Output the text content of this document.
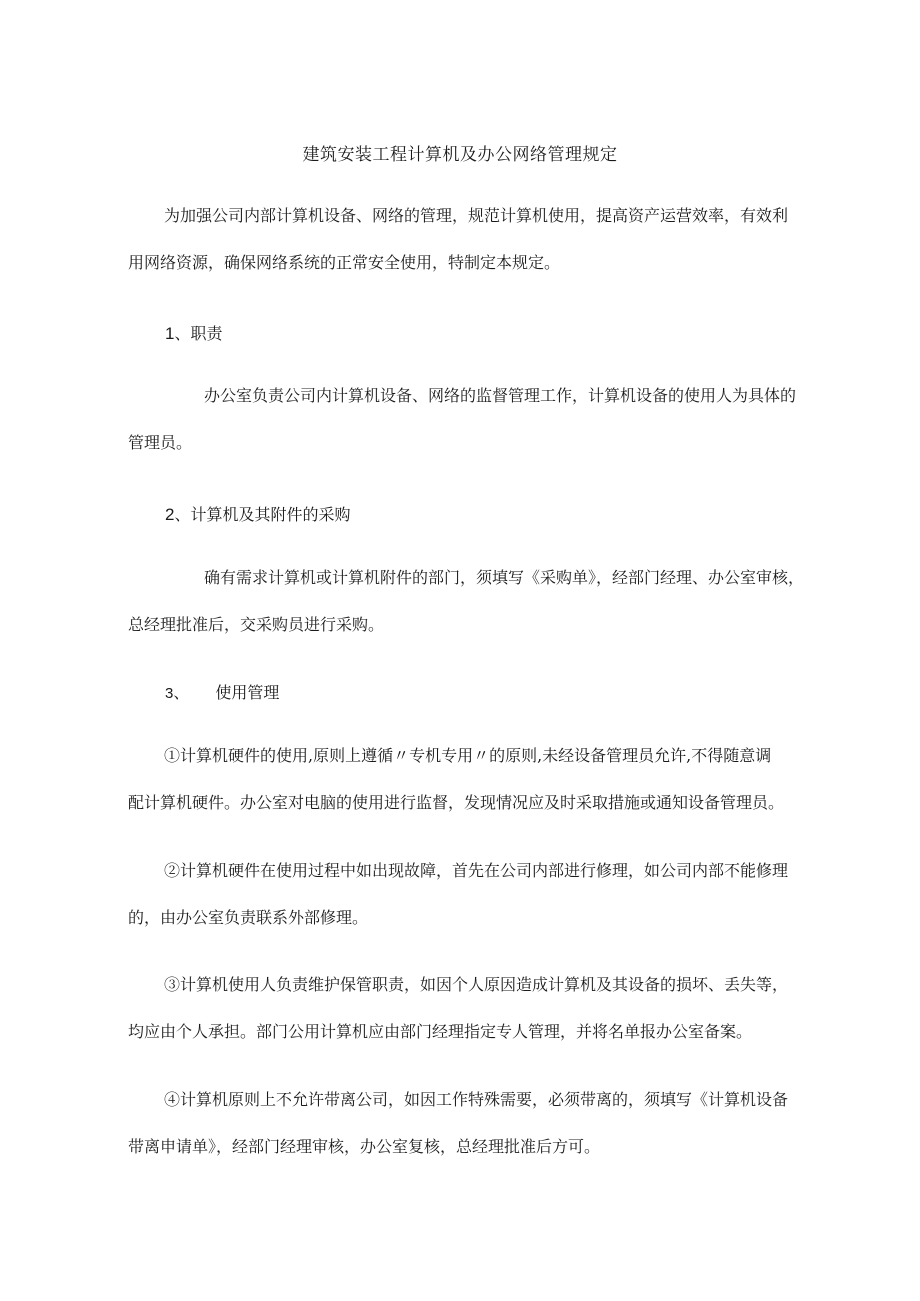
建筑安装工程计算机及办公网络管理规定

为加强公司内部计算机设备、网络的管理，规范计算机使用，提高资产运营效率，有效利

用网络资源，确保网络系统的正常安全使用，特制定本规定。

1、职责

办公室负责公司内计算机设备、网络的监督管理工作，计算机设备的使用人为具体的

管理员。

2、计算机及其附件的采购

确有需求计算机或计算机附件的部门，须填写《采购单》，经部门经理、办公室审核，

总经理批准后，交采购员进行采购。

3、 使用管理

①计算机硬件的使用,原则上遵循〃专机专用〃的原则,未经设备管理员允许,不得随意调

配计算机硬件。办公室对电脑的使用进行监督，发现情况应及时采取措施或通知设备管理员。

②计算机硬件在使用过程中如出现故障，首先在公司内部进行修理，如公司内部不能修理

的，由办公室负责联系外部修理。

③计算机使用人负责维护保管职责，如因个人原因造成计算机及其设备的损坏、丢失等，

均应由个人承担。部门公用计算机应由部门经理指定专人管理，并将名单报办公室备案。

④计算机原则上不允许带离公司，如因工作特殊需要，必须带离的，须填写《计算机设备

带离申请单》，经部门经理审核，办公室复核，总经理批准后方可。
